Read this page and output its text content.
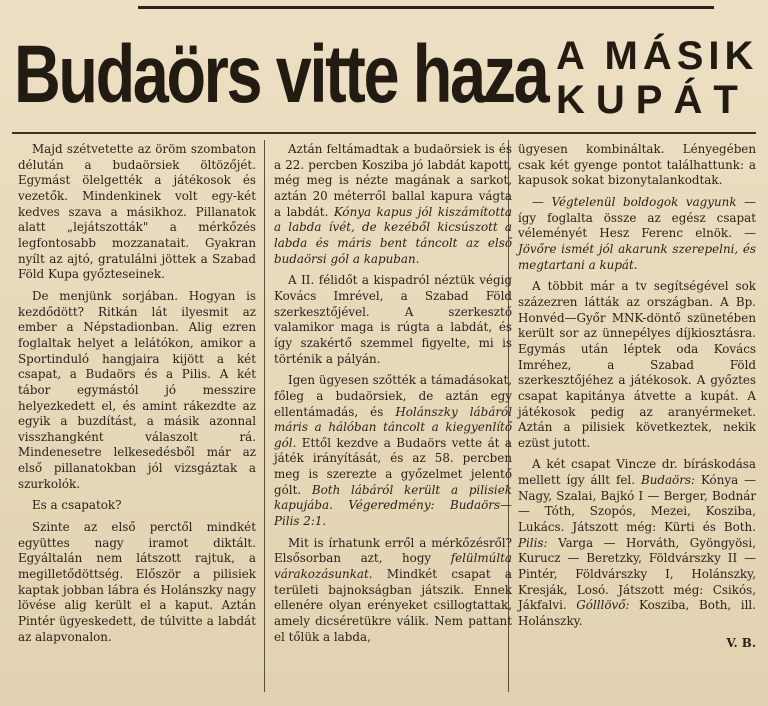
Budaörs vitte haza A MÁSIK
KUPÁT

Majd szétvetette az öröm szombaton délután a budaörsiek öltözőjét. Egymást ölelgették a játékosok és vezetők. Mindenkinek volt egy-két kedves szava a másikhoz. Pillanatok alatt „lejátszották" a mérkőzés legfontosabb mozzanatait. Gyakran nyílt az ajtó, gratulálni jöttek a Szabad Föld Kupa győzteseinek.

De menjünk sorjában. Hogyan is kezdődött? Ritkán lát ilyesmit az ember a Népstadionban. Alig ezren foglaltak helyet a lelátókon, amikor a Sportinduló hangjaira kijött a két csapat, a Budaörs és a Pilis. A két tábor egymástól jó messzire helyezkedett el, és amint rákezdte az egyik a buzdítást, a másik azonnal visszhangként válaszolt rá. Mindenesetre lelkesedésből már az első pillanatokban jól vizsgáztak a szurkolók.

Es a csapatok?

Szinte az első perctől mindkét együttes nagy iramot diktált. Egyáltalán nem látszott rajtuk, a megilletődöttség. Először a pilisiek kaptak jobban lábra és Holánszky nagy lövése alig került el a kaput. Aztán Pintér ügyeskedett, de túlvitte a labdát az alapvonalon.

Aztán feltámadtak a budaörsiek is és a 22. percben Kosziba jó labdát kapott, még meg is nézte magának a sarkot, aztán 20 méterről ballal kapura vágta a labdát. Kónya kapus jól kiszámította a labda ívét, de kezéből kicsúszott a labda és máris bent táncolt az első budaörsi gól a kapuban.

A II. félidőt a kispadról néztük végig Kovács Imrével, a Szabad Föld szerkesztőjével. A szerkesztő valamikor maga is rúgta a labdát, és így szakértő szemmel figyelte, mi is történik a pályán.

Igen ügyesen szőtték a támadásokat, főleg a budaörsiek, de aztán egy ellentámadás, és Holánszky lábáról máris a hálóban táncolt a kiegyenlítő gól. Ettől kezdve a Budaörs vette át a játék irányítását, és az 58. percben meg is szerezte a győzelmet jelentő gólt. Both lábáról került a pilisiek kapujába. Végeredmény: Budaörs—Pilis 2:1.

Mit is írhatunk erről a mérkőzésről? Elsősorban azt, hogy felülmúlta várakozásunkat. Mindkét csapat a területi bajnokságban játszik. Ennek ellenére olyan erényeket csillogtattak, amely dicséretükre válik. Nem pattant el tőlük a labda,

ügyesen kombináltak. Lényegében csak két gyenge pontot találhattunk: a kapusok sokat bizonytalankodtak.

— Végtelenül boldogok vagyunk — így foglalta össze az egész csapat véleményét Hesz Ferenc elnök. — Jövőre ismét jól akarunk szerepelni, és megtartani a kupát.

A többit már a tv segítségével sok százezren látták az országban. A Bp. Honvéd—Győr MNK-döntő szünetében került sor az ünnepélyes díjkiosztásra. Egymás után léptek oda Kovács Imréhez, a Szabad Föld szerkesztőjéhez a játékosok. A győztes csapat kapitánya átvette a kupát. A játékosok pedig az aranyérmeket. Aztán a pilisiek következtek, nekik ezüst jutott.

A két csapat Vincze dr. bíráskodása mellett így állt fel. Budaörs: Kónya — Nagy, Szalai, Bajkó I — Berger, Bodnár — Tóth, Szopós, Mezei, Kosziba, Lukács. Játszott még: Kürti és Both. Pilis: Varga — Horváth, Gyöngyösi, Kurucz — Beretzky, Földvárszky II — Pintér, Földvárszky I, Holánszky, Kresják, Losó. Játszott még: Csikós, Jákfalvi. Gólllövő: Kosziba, Both, ill. Holánszky.

V. B.
